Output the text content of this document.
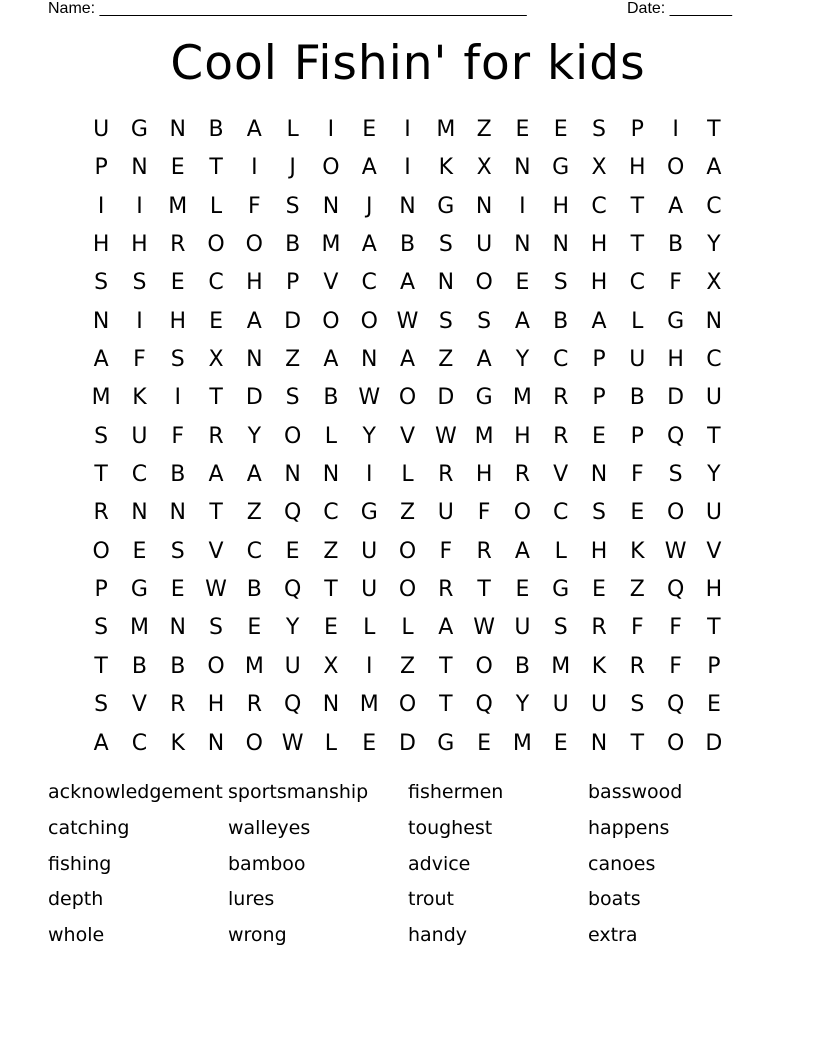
Name: ________________________________________________	Date: _______
Cool Fishin' for kids
U G N	B	A	L	I	E	I	M Z	E	E	S	P	I	T
P	N	E	T	I	J	O	A	I	K	X	N G	X	H O	A
I	I	M	L	F	S	N	J	N G N	I	H	C	T	A	C
H H	R O O	B M A	B	S	U	N N H	T	B	Y
S	S	E	C	H	P	V	C	A	N O	E	S	H	C	F	X
N	I	H	E	A	D O O W S	S	A	B	A	L	G N
A	F	S	X	N	Z	A	N	A	Z	A	Y	C	P	U H	C
M K	I	T	D	S	B W O D G M R	P	B	D U
S	U	F	R	Y	O	L	Y	V W M H	R	E	P	Q	T
T	C	B	A	A	N N	I	L	R	H	R	V	N	F	S	Y
R	N N	T	Z	Q C	G	Z	U	F	O C	S	E	O U
O	E	S	V	C	E	Z	U O	F	R	A	L	H	K W V
P	G	E W B	Q	T	U O R	T	E	G	E	Z	Q H
S M N	S	E	Y	E	L	L	A W U	S	R	F	F	T
T	B	B	O M U	X	I	Z	T	O	B M K	R	F	P
S	V	R	H	R Q N M O	T	Q	Y	U	U	S	Q	E
A	C	K	N O W L	E	D G	E M E	N	T	O D
acknowledgement sportsmanship	fishermen	basswood
catching	walleyes	toughest	happens
fishing	bamboo	advice	canoes
depth	lures	trout	boats
whole	wrong	handy	extra
